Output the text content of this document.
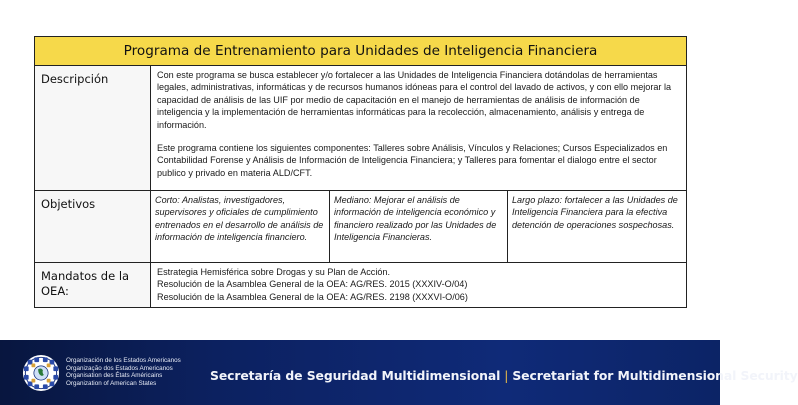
Programa de Entrenamiento para Unidades de Inteligencia Financiera			
Descripción	Con este programa se busca establecer y/o fortalecer a las Unidades de Inteligencia Financiera dotándolas de herramientas legales, administrativas, informáticas y de recursos humanos idóneas para el control del lavado de activos, y con ello mejorar la capacidad de análisis de las UIF por medio de capacitación en el manejo de herramientas de análisis de información de inteligencia y la implementación de herramientas informáticas para la recolección, almacenamiento, análisis y entrega de información.

Este programa contiene los siguientes componentes: Talleres sobre Análisis, Vínculos y Relaciones; Cursos Especializados en Contabilidad Forense y Análisis de Información de Inteligencia Financiera; y Talleres para fomentar el dialogo entre el sector publico y privado en materia ALD/CFT.		

Objetivos	Corto: Analistas, investigadores, supervisores y oficiales de cumplimiento entrenados en el desarrollo de análisis de información de inteligencia financiero.	Mediano: Mejorar el análisis de información de inteligencia económico y financiero realizado por las Unidades de Inteligencia Financieras.	Largo plazo: fortalecer a las Unidades de Inteligencia Financiera para la efectiva detención de operaciones sospechosas.
Mandatos de la OEA:	Estrategia Hemisférica sobre Drogas y su Plan de Acción.
Resolución de la Asamblea General de la OEA: AG/RES. 2015 (XXXIV-O/04)
Resolución de la Asamblea General de la OEA: AG/RES. 2198 (XXXVI-O/06)		
Organización de los Estados Americanos
Organização dos Estados Americanos
Organisation des États Américains
Organization of American States
Secretaría de Seguridad Multidimensional | Secretariat for Multidimensional Security
